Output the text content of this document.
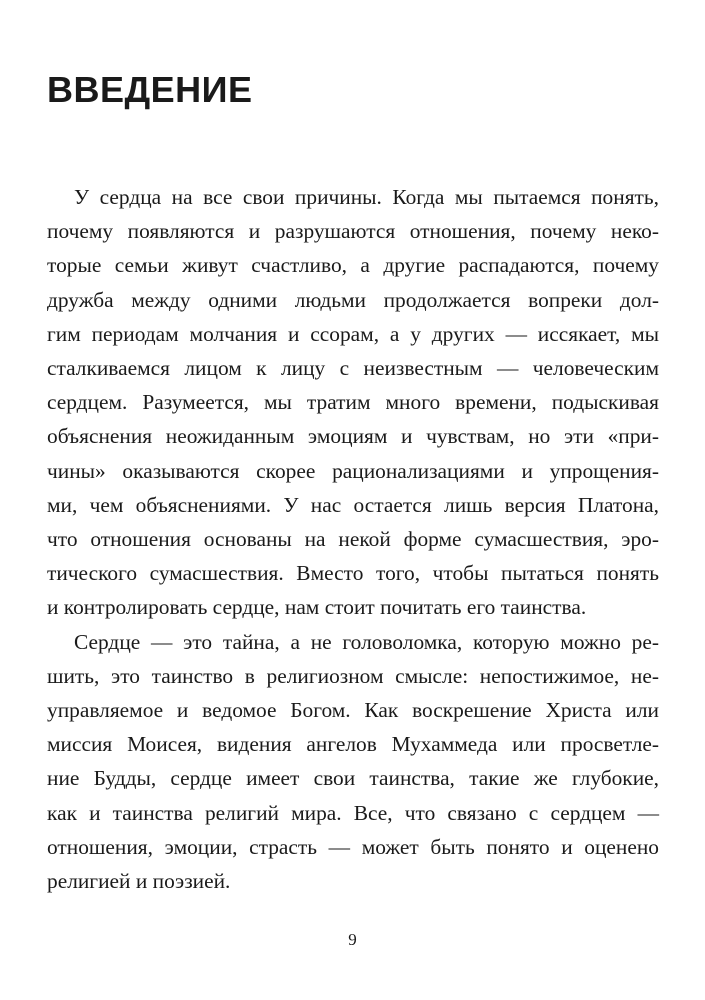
ВВЕДЕНИЕ
У сердца на все свои причины. Когда мы пытаемся понять,
почему появляются и разрушаются отношения, почему неко-
торые семьи живут счастливо, а другие распадаются, почему
дружба между одними людьми продолжается вопреки дол-
гим периодам молчания и ссорам, а у других — иссякает, мы
сталкиваемся лицом к лицу с неизвестным — человеческим
сердцем. Разумеется, мы тратим много времени, подыскивая
объяснения неожиданным эмоциям и чувствам, но эти «при-
чины» оказываются скорее рационализациями и упрощения-
ми, чем объяснениями. У нас остается лишь версия Платона,
что отношения основаны на некой форме сумасшествия, эро-
тического сумасшествия. Вместо того, чтобы пытаться понять
и контролировать сердце, нам стоит почитать его таинства.
Сердце — это тайна, а не головоломка, которую можно ре-
шить, это таинство в религиозном смысле: непостижимое, не-
управляемое и ведомое Богом. Как воскрешение Христа или
миссия Моисея, видения ангелов Мухаммеда или просветле-
ние Будды, сердце имеет свои таинства, такие же глубокие,
как и таинства религий мира. Все, что связано с сердцем —
отношения, эмоции, страсть — может быть понято и оценено
религией и поэзией.
9
